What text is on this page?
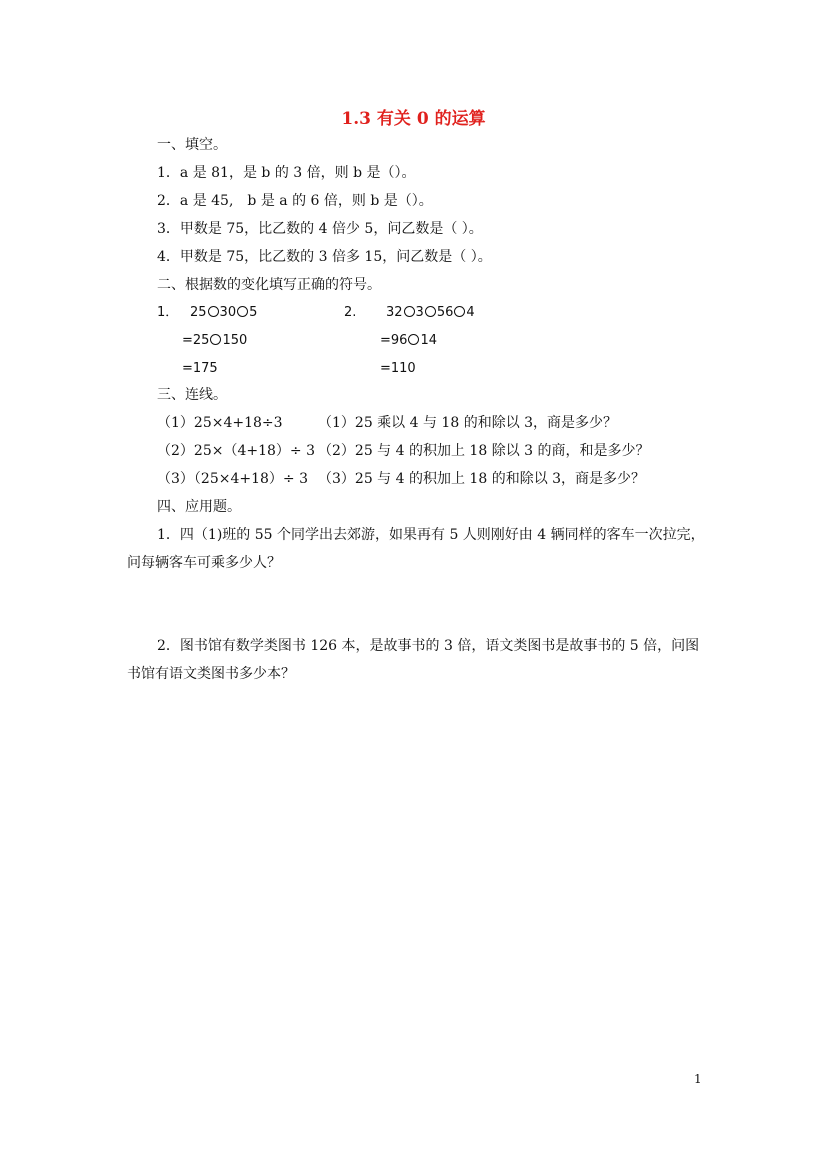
1.3 有关 0 的运算
一、填空。
1．a 是 81，是 b 的 3 倍，则 b 是（）。
2．a 是 45,　b 是 a 的 6 倍，则 b 是（）。
3．甲数是 75，比乙数的 4 倍少 5，问乙数是（ ）。
4．甲数是 75，比乙数的 3 倍多 15，问乙数是（ ）。
二、根据数的变化填写正确的符号。
1． 25 30 5
=25 150
=175
2. 32 3 56 4
=96 14
=110
三、连线。
（1）25×4+18÷3
（2）25×（4+18）÷ 3
（3）（25×4+18）÷ 3
（1）25 乘以 4 与 18 的和除以 3，商是多少？
（2）25 与 4 的积加上 18 除以 3 的商，和是多少？
（3）25 与 4 的积加上 18 的和除以 3，商是多少？
四、应用题。
1．四（1)班的 55 个同学出去郊游，如果再有 5 人则刚好由 4 辆同样的客车一次拉完，
问每辆客车可乘多少人？
2．图书馆有数学类图书 126 本，是故事书的 3 倍，语文类图书是故事书的 5 倍，问图
书馆有语文类图书多少本？
1
